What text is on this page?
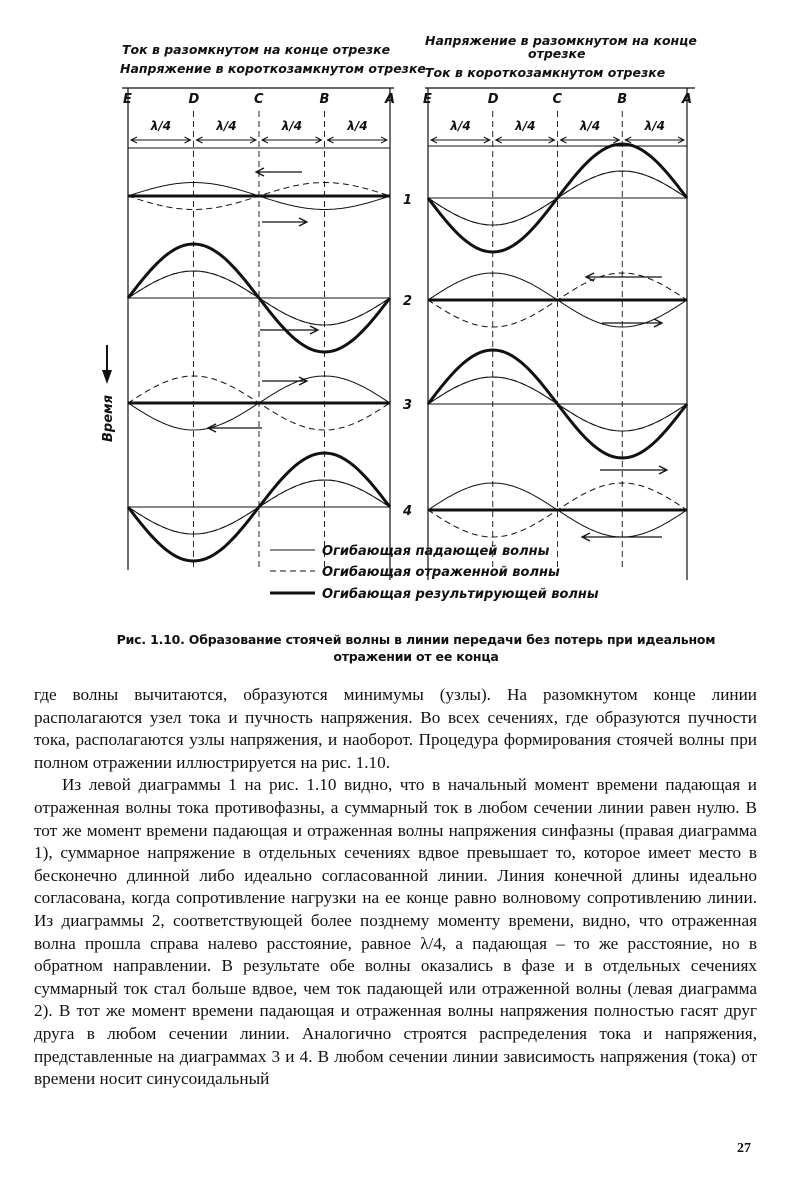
Ток в разомкнутом на конце отрезке
Напряжение в короткозамкнутом отрезке
Напряжение в разомкнутом на конце
отрезке
Ток в короткозамкнутом отрезке
E	D	C	B	A E	D	C	B	A
λ/4	λ/4	λ/4	λ/4	λ/4	λ/4	λ/4	λ/4
1
2
3
4
Время
Огибающая падающей волны
Огибающая отраженной волны
Огибающая результирующей волны
Рис. 1.10. Образование стоячей волны в линии передачи без потерь при идеальном отражении от ее конца

где волны вычитаются, образуются минимумы (узлы). На разомкнутом конце линии располагаются узел тока и пучность напряжения. Во всех сечениях, где образуются пучности тока, располагаются узлы напряжения, и наоборот. Процедура формирования стоячей волны при полном отражении иллюстрируется на рис. 1.10.

Из левой диаграммы 1 на рис. 1.10 видно, что в начальный момент времени падающая и отраженная волны тока противофазны, а суммарный ток в любом сечении линии равен нулю. В тот же момент времени падающая и отраженная волны напряжения синфазны (правая диаграмма 1), суммарное напряжение в отдельных сечениях вдвое превышает то, которое имеет место в бесконечно длинной либо идеально согласованной линии. Линия конечной длины идеально согласована, когда сопротивление нагрузки на ее конце равно волновому сопротивлению линии. Из диаграммы 2, соответствующей более позднему моменту времени, видно, что отраженная волна прошла справа налево расстояние, равное λ/4, а падающая – то же расстояние, но в обратном направлении. В результате обе волны оказались в фазе и в отдельных сечениях суммарный ток стал больше вдвое, чем ток падающей или отраженной волны (левая диаграмма 2). В тот же момент времени падающая и отраженная волны напряжения полностью гасят друг друга в любом сечении линии. Аналогично строятся распределения тока и напряжения, представленные на диаграммах 3 и 4. В любом сечении линии зависимость напряжения (тока) от времени носит синусоидальный

27
